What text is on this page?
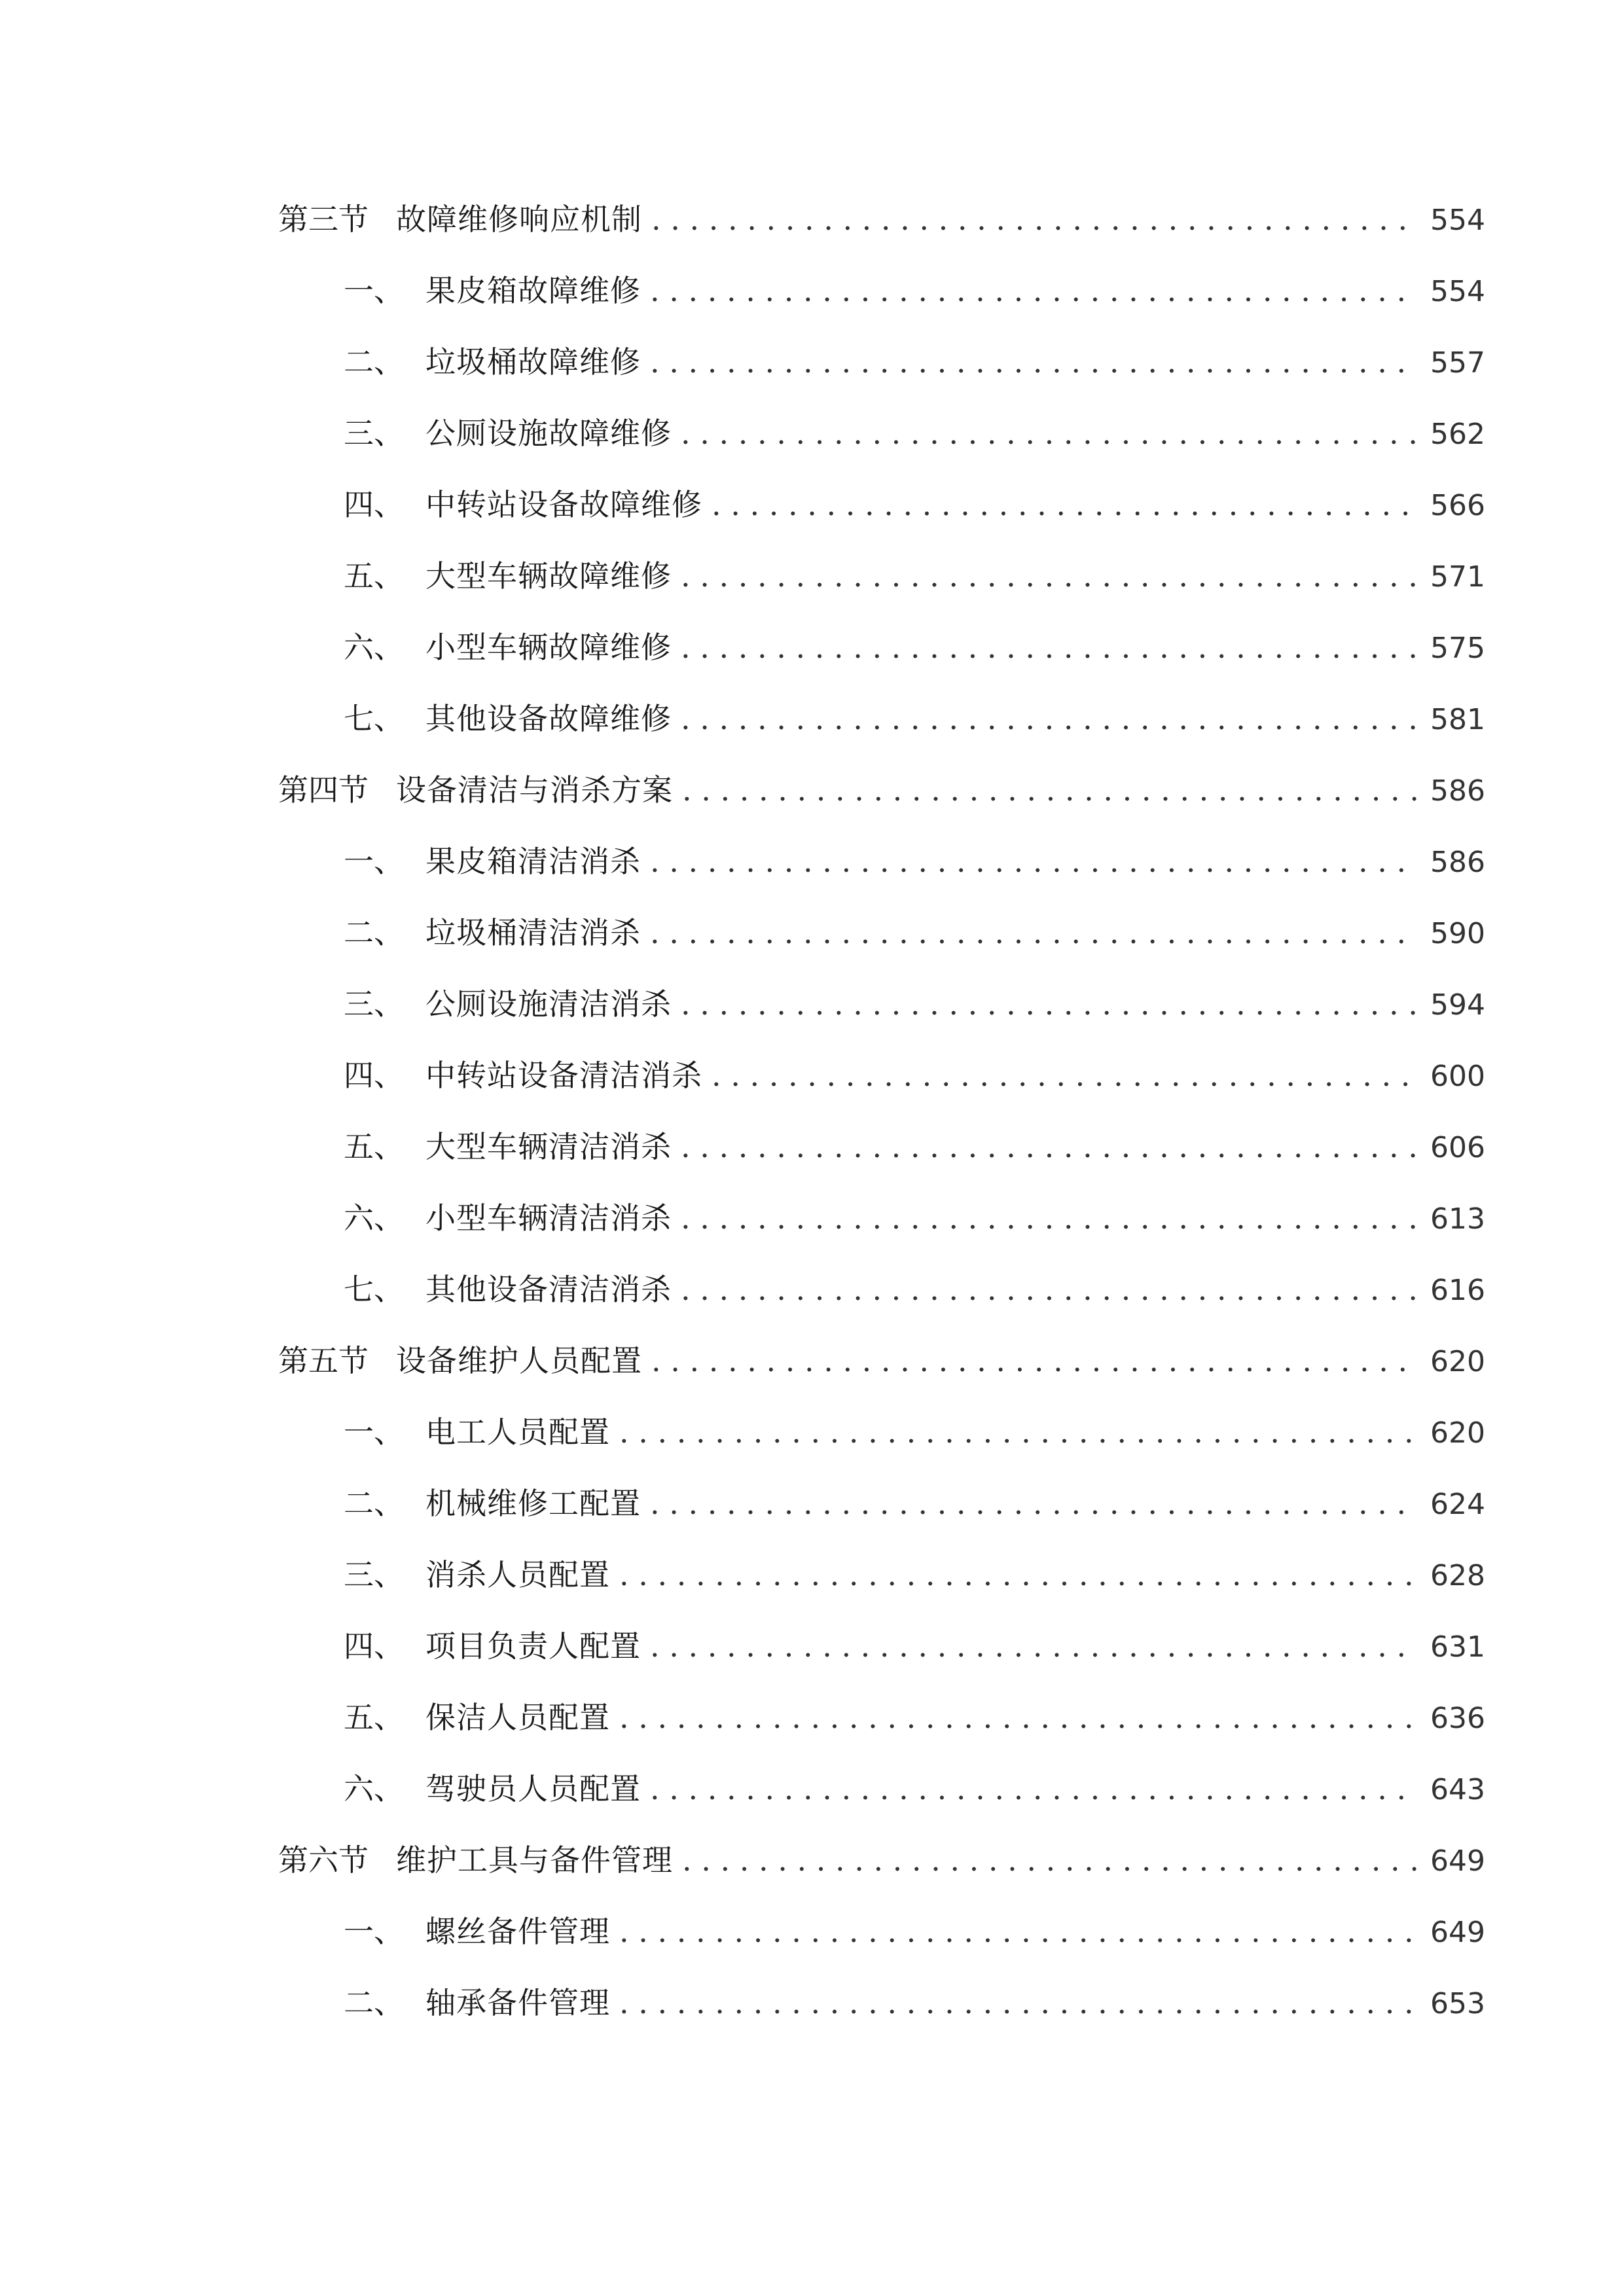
第三节 故障维修响应机制 . . .	554
一、 果皮箱故障维修 . . .	554
二、 垃圾桶故障维修 . . .	557
三、 公厕设施故障维修 . . .	562
四、 中转站设备故障维修 . . .	566
五、 大型车辆故障维修 . . .	571
六、 小型车辆故障维修 . . .	575
七、 其他设备故障维修 . . .	581
第四节 设备清洁与消杀方案 . . .	586
一、 果皮箱清洁消杀 . . .	586
二、 垃圾桶清洁消杀 . . .	590
三、 公厕设施清洁消杀 . . .	594
四、 中转站设备清洁消杀 . . .	600
五、 大型车辆清洁消杀 . . .	606
六、 小型车辆清洁消杀 . . .	613
七、 其他设备清洁消杀 . . .	616
第五节 设备维护人员配置 . . .	620
一、 电工人员配置 . . .	620
二、 机械维修工配置 . . .	624
三、 消杀人员配置 . . .	628
四、 项目负责人配置 . . .	631
五、 保洁人员配置 . . .	636
六、 驾驶员人员配置 . . .	643
第六节 维护工具与备件管理 . . .	649
一、 螺丝备件管理 . . .	649
二、 轴承备件管理 . . .	653
